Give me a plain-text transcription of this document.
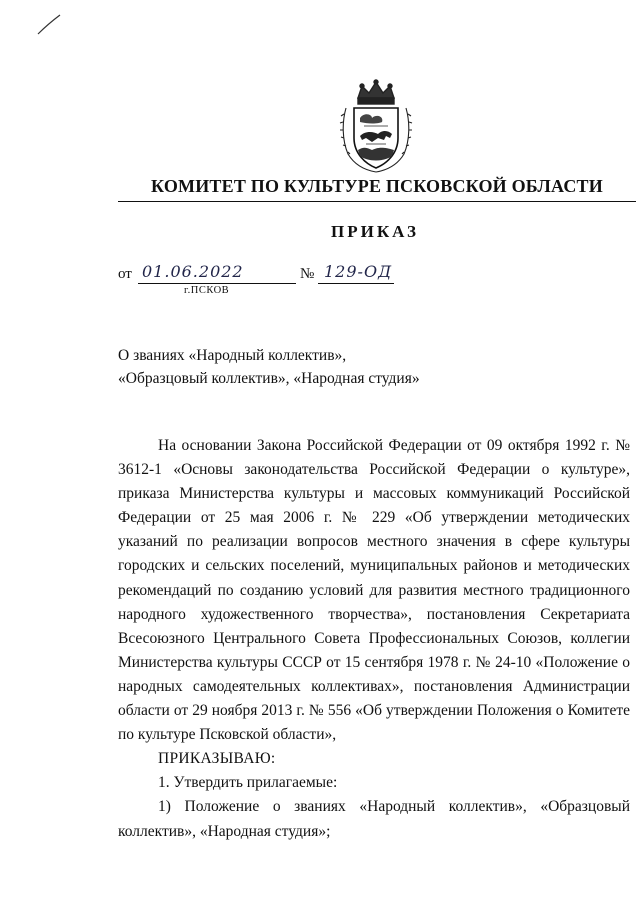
КОМИТЕТ ПО КУЛЬТУРЕ ПСКОВСКОЙ ОБЛАСТИ
ПРИКАЗ
от 01.06.2022	№ 129-ОД
г.ПСКОВ
О званиях «Народный коллектив»,
«Образцовый коллектив», «Народная студия»

На основании Закона Российской Федерации от 09 октября 1992 г. № 3612-1 «Основы законодательства Российской Федерации о культуре», приказа Министерства культуры и массовых коммуникаций Российской Федерации от 25 мая 2006 г. № 229 «Об утверждении методических указаний по реализации вопросов местного значения в сфере культуры городских и сельских поселений, муниципальных районов и методических рекомендаций по созданию условий для развития местного традиционного народного художественного творчества», постановления Секретариата Всесоюзного Центрального Совета Профессиональных Союзов, коллегии Министерства культуры СССР от 15 сентября 1978 г. № 24-10 «Положение о народных самодеятельных коллективах», постановления Администрации области от 29 ноября 2013 г. № 556 «Об утверждении Положения о Комитете по культуре Псковской области»,

ПРИКАЗЫВАЮ:

1. Утвердить прилагаемые:

1) Положение о званиях «Народный коллектив», «Образцовый коллектив», «Народная студия»;
